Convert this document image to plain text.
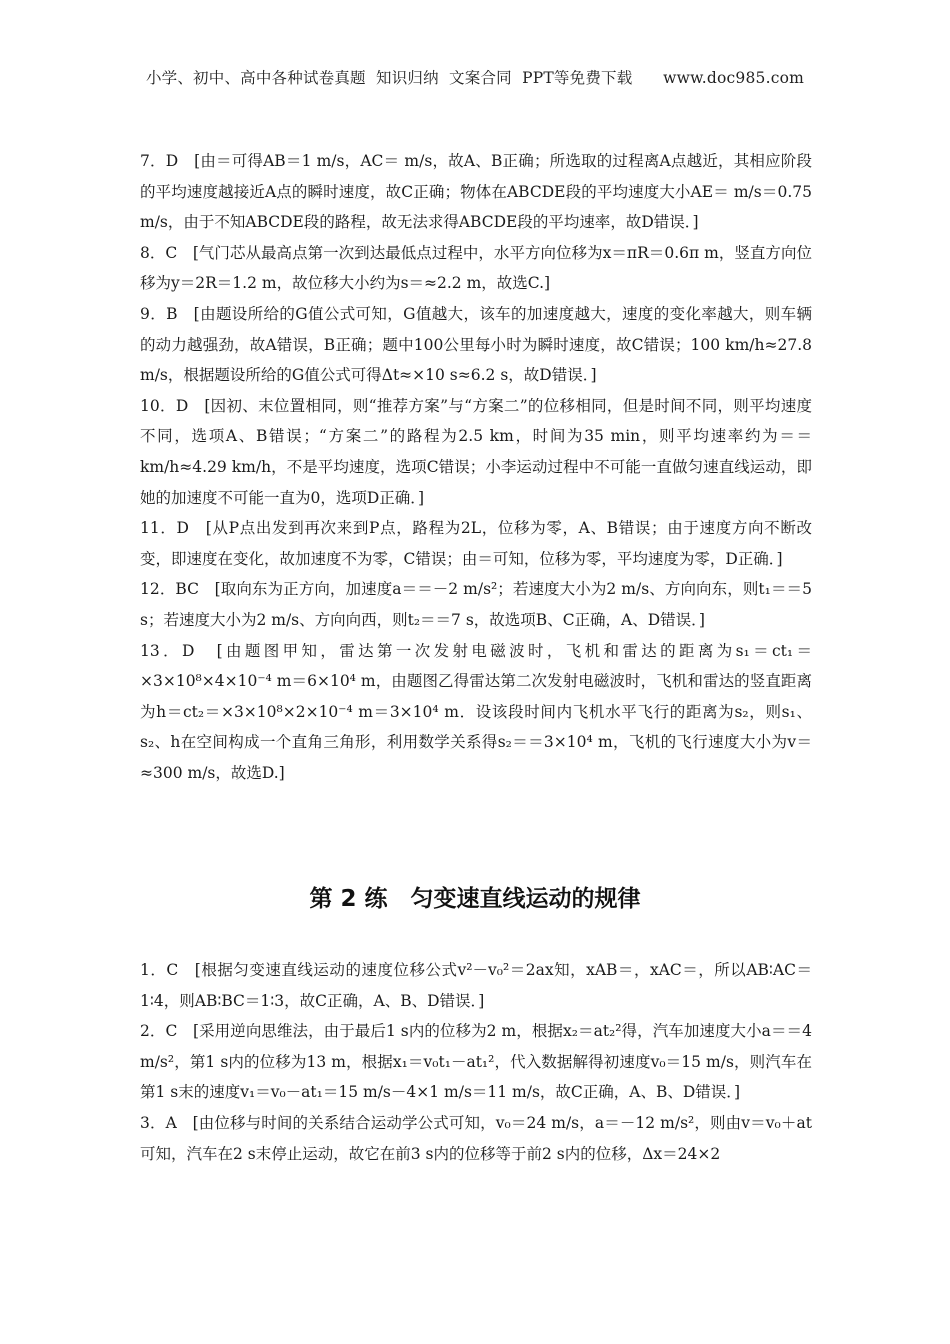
小学、初中、高中各种试卷真题  知识归纳  文案合同  PPT等免费下载      www.doc985.com

7．D　[由＝可得AB＝1 m/s，AC＝ m/s，故A、B正确；所选取的过程离A点越近，其相应阶段的平均速度越接近A点的瞬时速度，故C正确；物体在ABCDE段的平均速度大小AE＝ m/s＝0.75 m/s，由于不知ABCDE段的路程，故无法求得ABCDE段的平均速率，故D错误．]

8．C　[气门芯从最高点第一次到达最低点过程中，水平方向位移为x＝πR＝0.6π m，竖直方向位移为y＝2R＝1.2 m，故位移大小约为s＝≈2.2 m，故选C.]

9．B　[由题设所给的G值公式可知，G值越大，该车的加速度越大，速度的变化率越大，则车辆的动力越强劲，故A错误，B正确；题中100公里每小时为瞬时速度，故C错误；100 km/h≈27.8 m/s，根据题设所给的G值公式可得Δt≈×10 s≈6.2 s，故D错误．]

10．D　[因初、末位置相同，则“推荐方案”与“方案二”的位移相同，但是时间不同，则平均速度不同，选项A、B错误；“方案二”的路程为2.5 km，时间为35 min，则平均速率约为＝＝ km/h≈4.29 km/h，不是平均速度，选项C错误；小李运动过程中不可能一直做匀速直线运动，即她的加速度不可能一直为0，选项D正确．]

11．D　[从P点出发到再次来到P点，路程为2L，位移为零，A、B错误；由于速度方向不断改变，即速度在变化，故加速度不为零，C错误；由＝可知，位移为零，平均速度为零，D正确．]

12．BC　[取向东为正方向，加速度a＝＝－2 m/s²；若速度大小为2 m/s、方向向东，则t₁＝＝5 s；若速度大小为2 m/s、方向向西，则t₂＝＝7 s，故选项B、C正确，A、D错误．]

13．D　[由题图甲知，雷达第一次发射电磁波时，飞机和雷达的距离为s₁＝ct₁＝×3×10⁸×4×10⁻⁴ m＝6×10⁴ m，由题图乙得雷达第二次发射电磁波时，飞机和雷达的竖直距离为h＝ct₂＝×3×10⁸×2×10⁻⁴ m＝3×10⁴ m．设该段时间内飞机水平飞行的距离为s₂，则s₁、s₂、h在空间构成一个直角三角形，利用数学关系得s₂＝＝3×10⁴ m，飞机的飞行速度大小为v＝≈300 m/s，故选D.]

第 2 练　匀变速直线运动的规律

1．C　[根据匀变速直线运动的速度位移公式v²－v₀²＝2ax知，xAB＝，xAC＝，所以AB∶AC＝1∶4，则AB∶BC＝1∶3，故C正确，A、B、D错误．]

2．C　[采用逆向思维法，由于最后1 s内的位移为2 m，根据x₂＝at₂²得，汽车加速度大小a＝＝4 m/s²，第1 s内的位移为13 m，根据x₁＝v₀t₁－at₁²，代入数据解得初速度v₀＝15 m/s，则汽车在第1 s末的速度v₁＝v₀－at₁＝15 m/s－4×1 m/s＝11 m/s，故C正确，A、B、D错误．]

3．A　[由位移与时间的关系结合运动学公式可知，v₀＝24 m/s，a＝－12 m/s²，则由v＝v₀＋at可知，汽车在2 s末停止运动，故它在前3 s内的位移等于前2 s内的位移，Δx＝24×2
